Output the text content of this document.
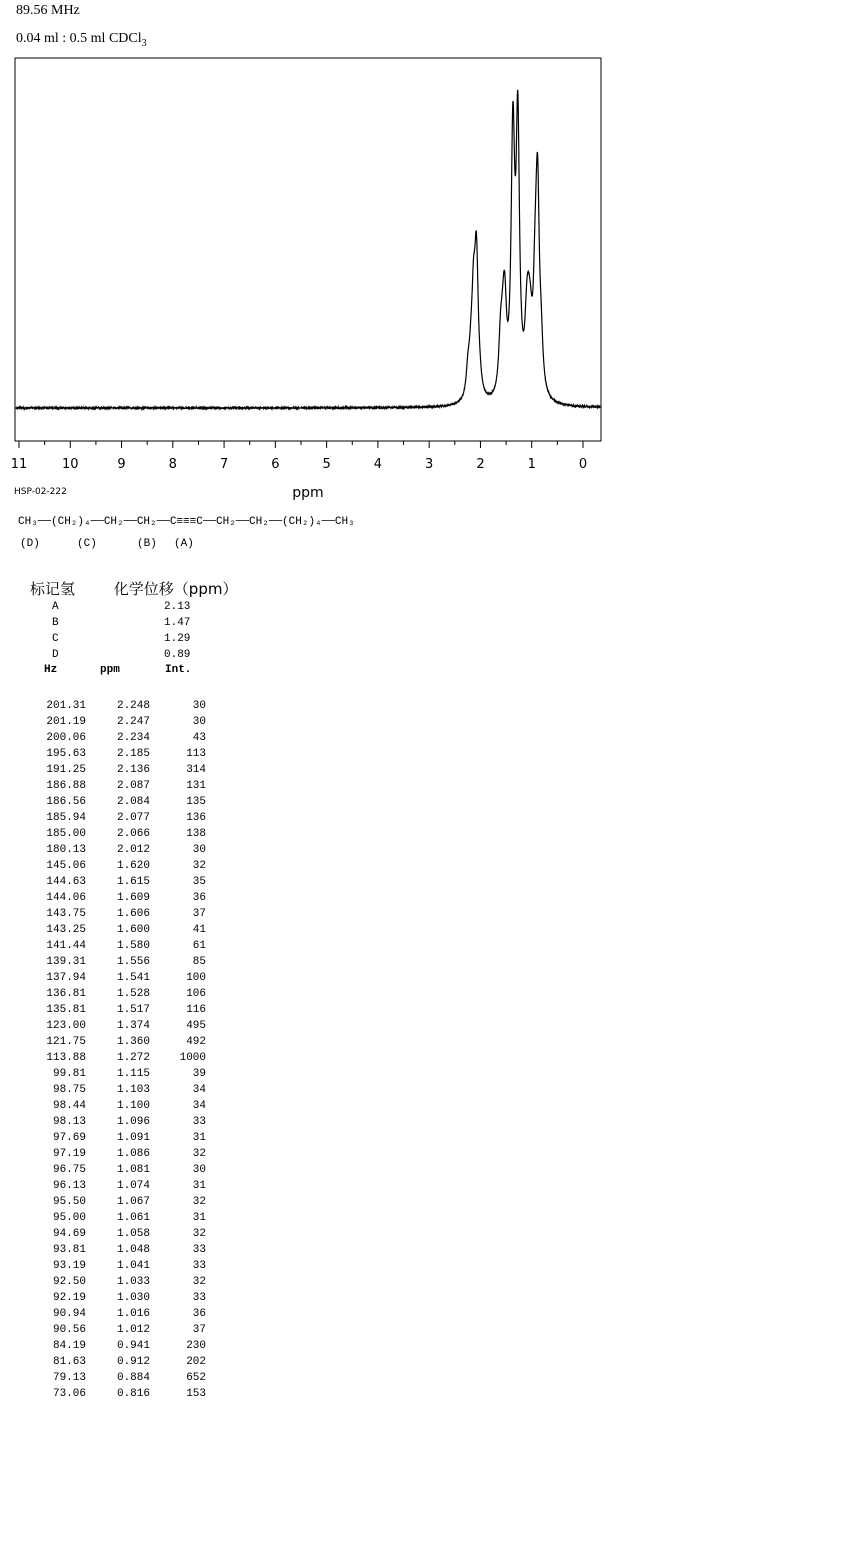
89.56 MHz
0.04 ml : 0.5 ml CDCl$_3$
11	10	9	8	7	6	5	4	3	2	1	0
ppm
HSP-02-222
CH₃──(CH₂)₄──CH₂──CH₂──C≡≡≡C──CH₂──CH₂──(CH₂)₄──CH₃
(D)	(C)	(B) (A)
标记氢	化学位移（ppm）
A	2.13
B	1.47
C	1.29
D	0.89
Hz	ppm	Int.
201.31	2.248	30
201.19	2.247	30
200.06	2.234	43
195.63	2.185	113
191.25	2.136	314
186.88	2.087	131
186.56	2.084	135
185.94	2.077	136
185.00	2.066	138
180.13	2.012	30
145.06	1.620	32
144.63	1.615	35
144.06	1.609	36
143.75	1.606	37
143.25	1.600	41
141.44	1.580	61
139.31	1.556	85
137.94	1.541	100
136.81	1.528	106
135.81	1.517	116
123.00	1.374	495
121.75	1.360	492
113.88	1.272	1000
99.81	1.115	39
98.75	1.103	34
98.44	1.100	34
98.13	1.096	33
97.69	1.091	31
97.19	1.086	32
96.75	1.081	30
96.13	1.074	31
95.50	1.067	32
95.00	1.061	31
94.69	1.058	32
93.81	1.048	33
93.19	1.041	33
92.50	1.033	32
92.19	1.030	33
90.94	1.016	36
90.56	1.012	37
84.19	0.941	230
81.63	0.912	202
79.13	0.884	652
73.06	0.816	153
